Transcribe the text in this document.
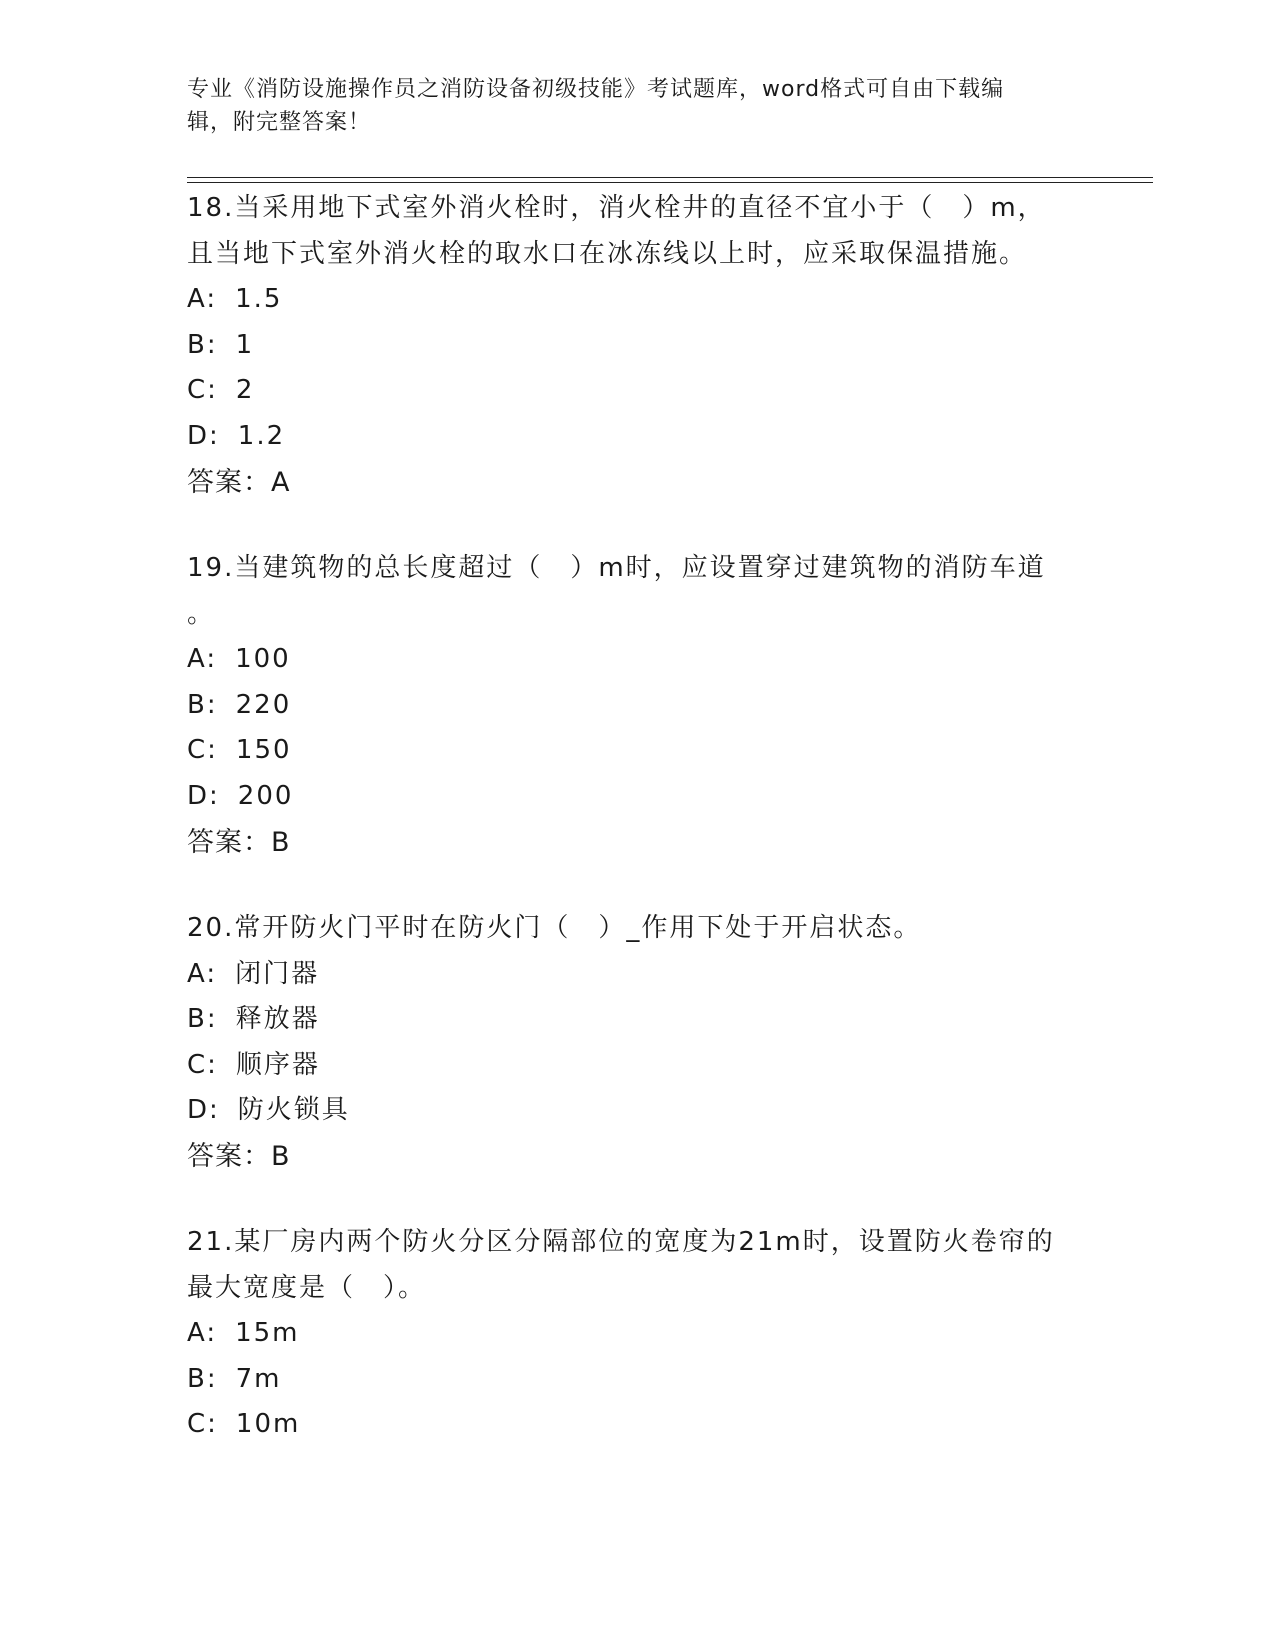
专业《消防设施操作员之消防设备初级技能》考试题库，word格式可自由下载编
辑，附完整答案！
18.当采用地下式室外消火栓时，消火栓井的直径不宜小于（　）m，
且当地下式室外消火栓的取水口在冰冻线以上时，应采取保温措施。
A: 1.5
B: 1
C: 2
D: 1.2
答案：A
19.当建筑物的总长度超过（　）m时，应设置穿过建筑物的消防车道
。
A: 100
B: 220
C: 150
D: 200
答案：B
20.常开防火门平时在防火门（　）_作用下处于开启状态。
A: 闭门器
B: 释放器
C: 顺序器
D: 防火锁具
答案：B
21.某厂房内两个防火分区分隔部位的宽度为21m时，设置防火卷帘的
最大宽度是（　）。
A: 15m
B: 7m
C: 10m
